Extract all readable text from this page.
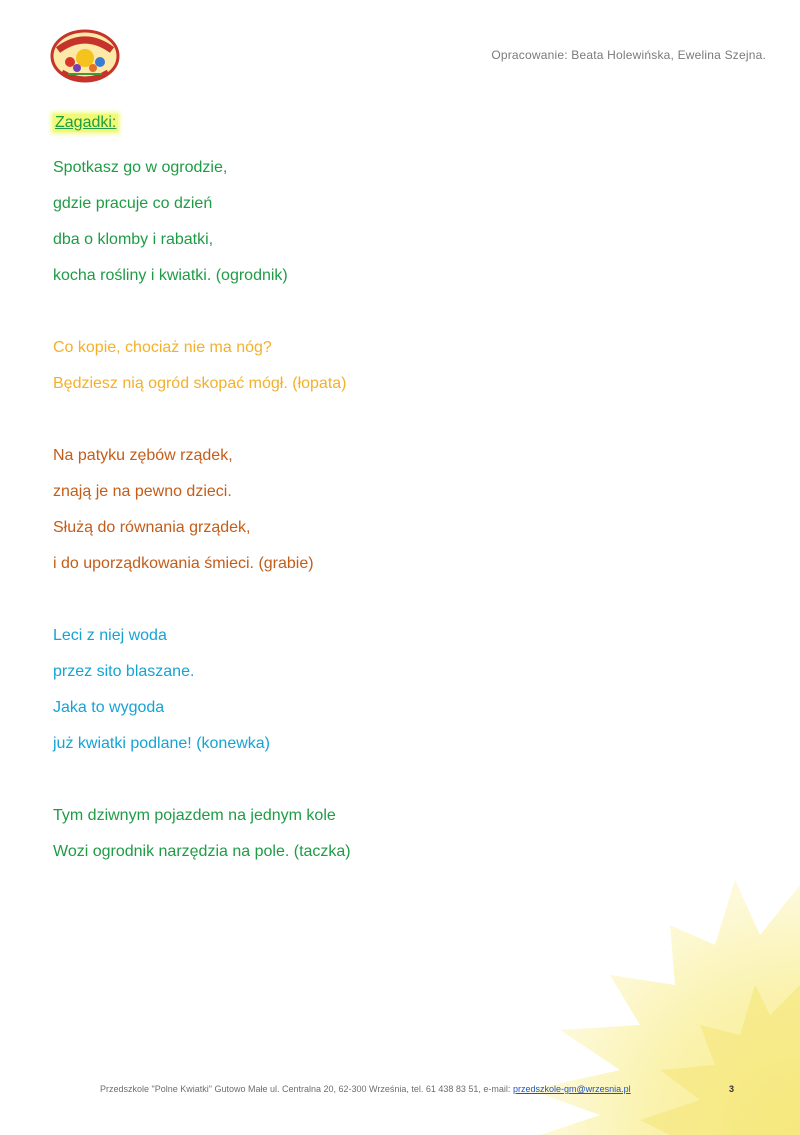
Opracowanie: Beata Holewińska, Ewelina Szejna.
Zagadki:
Spotkasz go w ogrodzie,
gdzie pracuje co dzień
dba o klomby i rabatki,
kocha rośliny i kwiatki. (ogrodnik)
Co kopie, chociaż nie ma nóg?
Będziesz nią ogród skopać mógł. (łopata)
Na patyku zębów rządek,
znają je na pewno dzieci.
Służą do równania grządek,
i do uporządkowania śmieci. (grabie)
Leci z niej woda
przez sito blaszane.
Jaka to wygoda
już kwiatki podlane! (konewka)
Tym dziwnym pojazdem na jednym kole
Wozi ogrodnik narzędzia na pole. (taczka)
Przedszkole "Polne Kwiatki" Gutowo Małe ul. Centralna 20, 62-300 Września, tel. 61 438 83 51, e-mail: przedszkole-gm@wrzesnia.pl	3
